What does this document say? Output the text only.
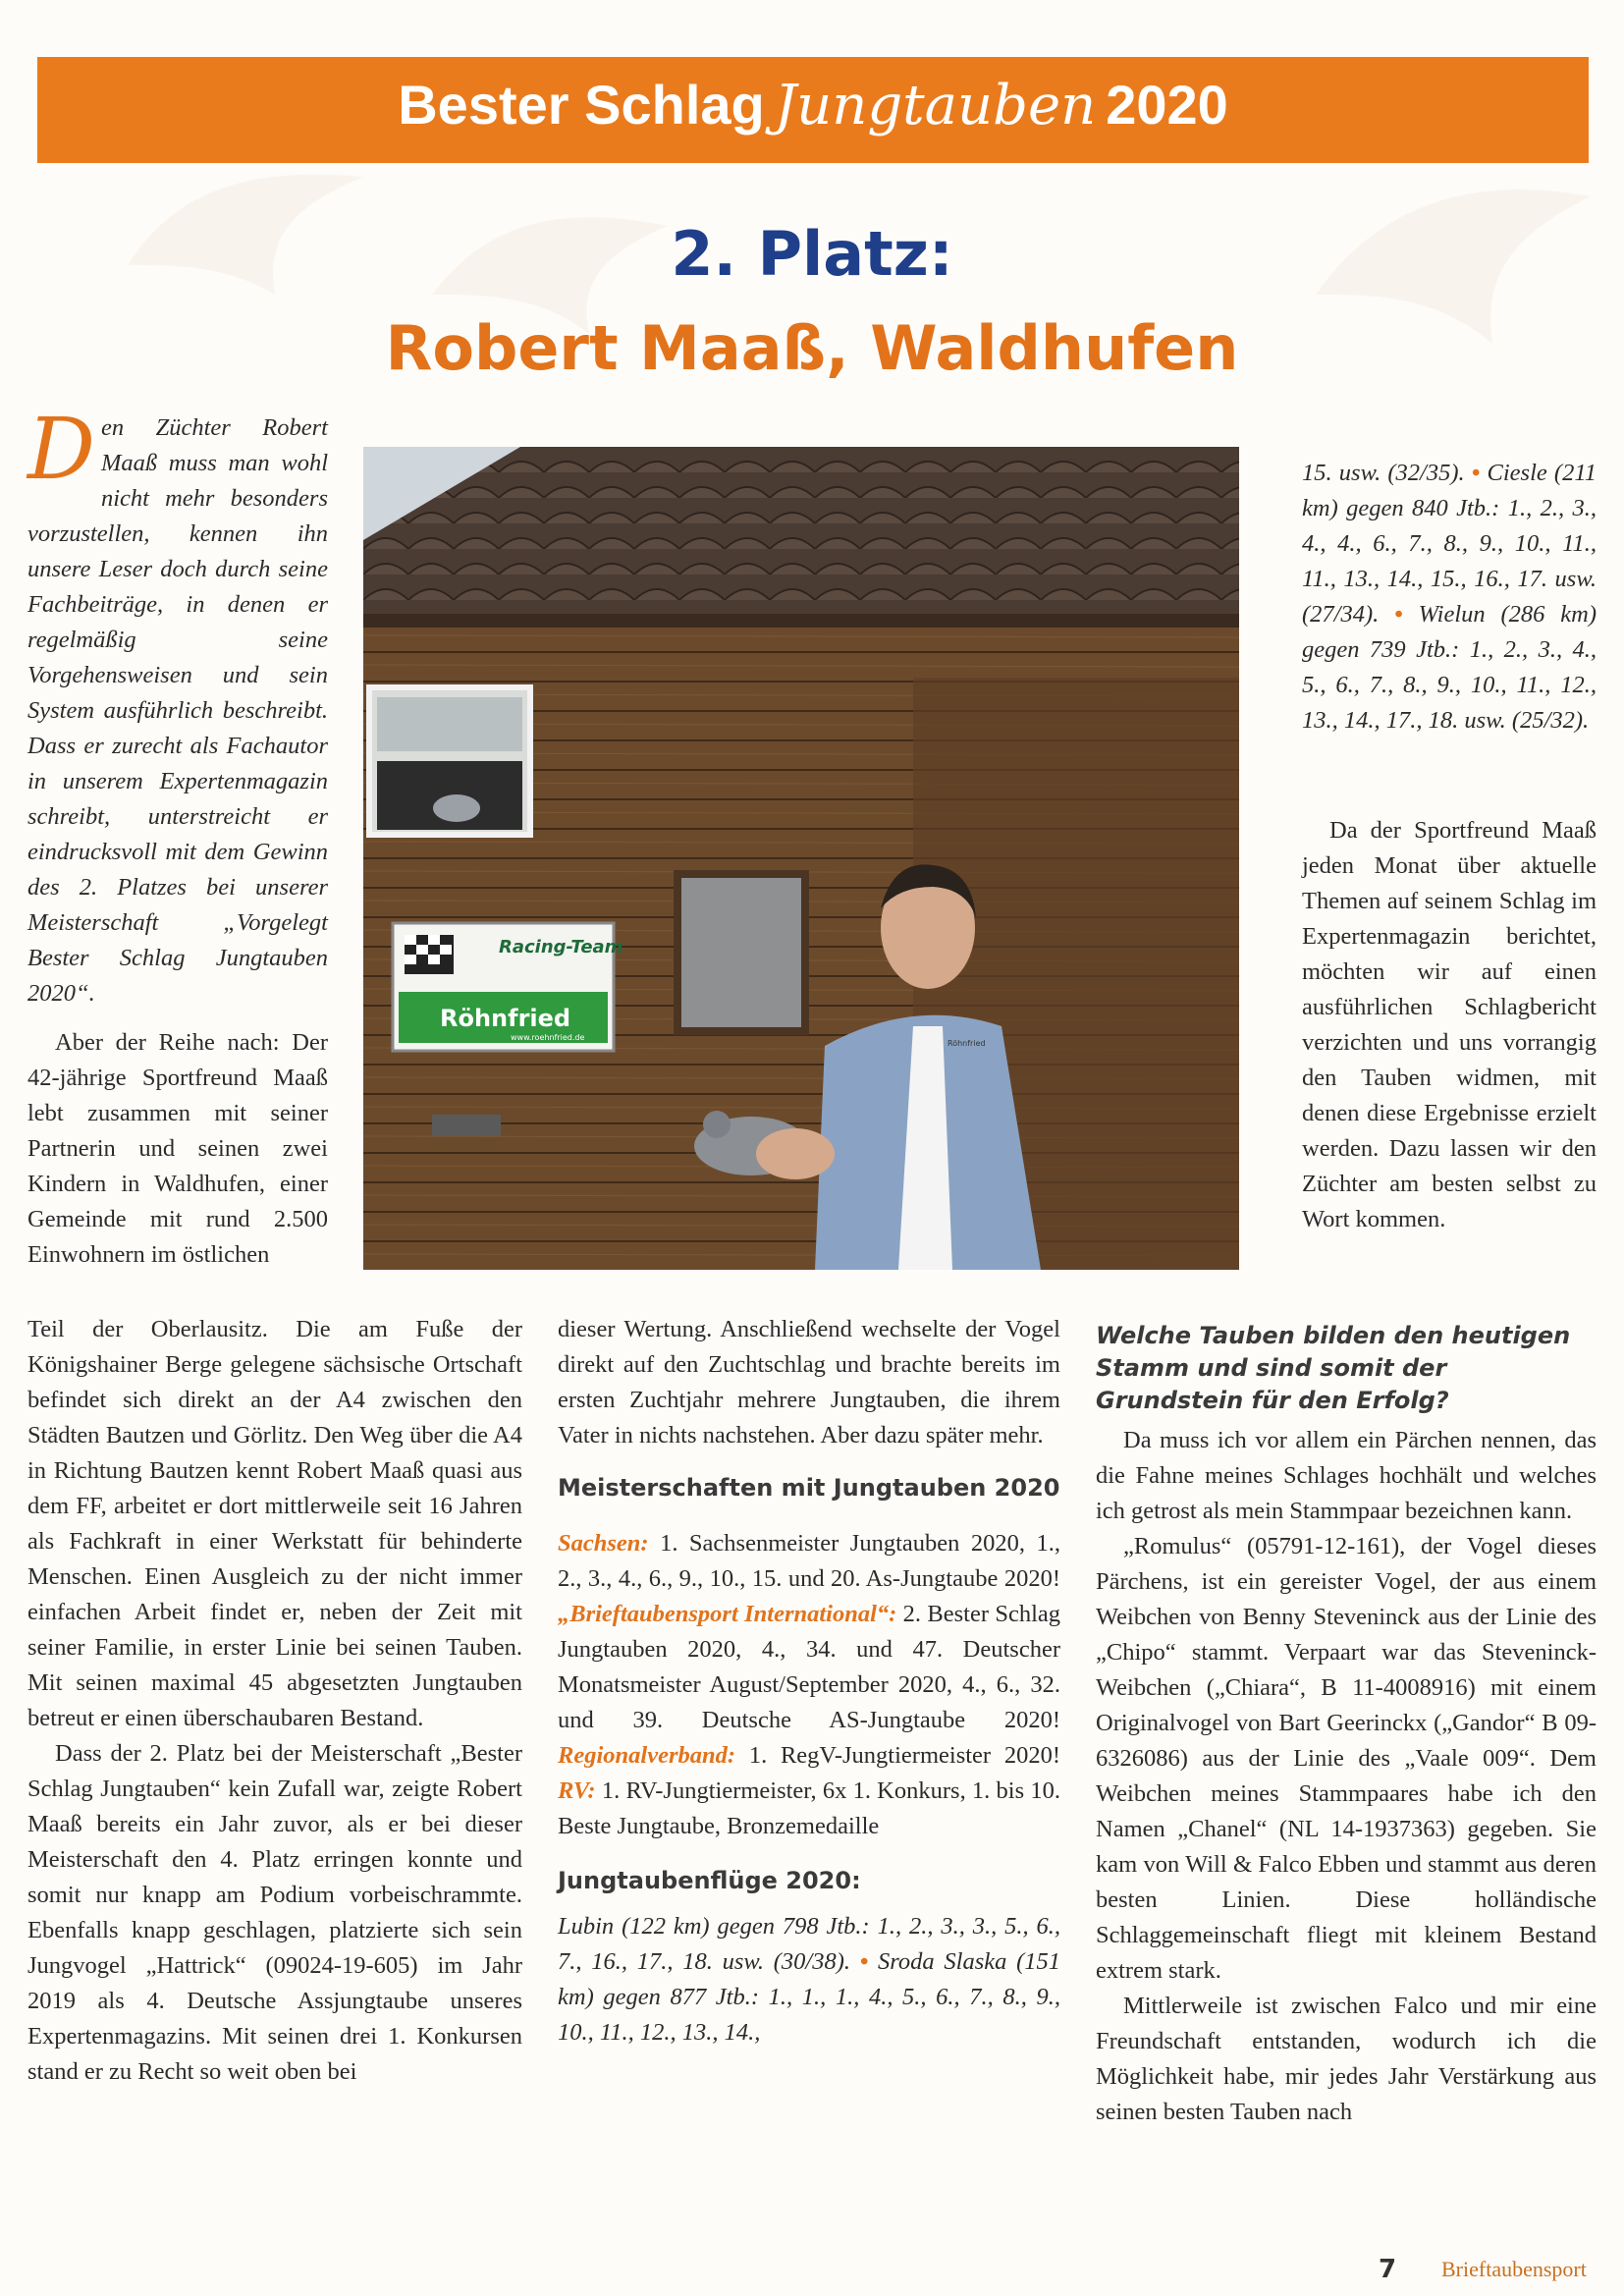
Bester Schlag Jungtauben 2020
2. Platz:
Robert Maaß, Waldhufen

Den Züchter Robert Maaß muss man wohl nicht mehr besonders vorzustellen, kennen ihn unsere Leser doch durch seine Fachbeiträge, in denen er regelmäßig seine Vorgehensweisen und sein System ausführlich beschreibt. Dass er zurecht als Fachautor in unserem Expertenmagazin schreibt, unterstreicht er eindrucksvoll mit dem Gewinn des 2. Platzes bei unserer Meisterschaft „Vorgelegt Bester Schlag Jungtauben 2020“.

Aber der Reihe nach: Der 42-jährige Sportfreund Maaß lebt zusammen mit seiner Partnerin und seinen zwei Kindern in Waldhufen, einer Gemeinde mit rund 2.500 Einwohnern im östlichen

Teil der Oberlausitz. Die am Fuße der Königshainer Berge gelegene sächsische Ortschaft befindet sich direkt an der A4 zwischen den Städten Bautzen und Görlitz. Den Weg über die A4 in Richtung Bautzen kennt Robert Maaß quasi aus dem FF, arbeitet er dort mittlerweile seit 16 Jahren als Fachkraft in einer Werkstatt für behinderte Menschen. Einen Ausgleich zu der nicht immer einfachen Arbeit findet er, neben der Zeit mit seiner Familie, in erster Linie bei seinen Tauben. Mit seinen maximal 45 abgesetzten Jungtauben betreut er einen überschaubaren Bestand.

Dass der 2. Platz bei der Meisterschaft „Bester Schlag Jungtauben“ kein Zufall war, zeigte Robert Maaß bereits ein Jahr zuvor, als er bei dieser Meisterschaft den 4. Platz erringen konnte und somit nur knapp am Podium vorbeischrammte. Ebenfalls knapp geschlagen, platzierte sich sein Jungvogel „Hattrick“ (09024-19-605) im Jahr 2019 als 4. Deutsche Assjungtaube unseres Expertenmagazins. Mit seinen drei 1. Konkursen stand er zu Recht so weit oben bei

Racing-Team
Röhnfried
www.roehnfried.de
Röhnfried

dieser Wertung. Anschließend wechselte der Vogel direkt auf den Zuchtschlag und brachte bereits im ersten Zuchtjahr mehrere Jungtauben, die ihrem Vater in nichts nachstehen. Aber dazu später mehr.

Meisterschaften mit Jungtauben 2020

Sachsen: 1. Sachsenmeister Jungtauben 2020, 1., 2., 3., 4., 6., 9., 10., 15. und 20. As-Jungtaube 2020! „Brieftaubensport International“: 2. Bester Schlag Jungtauben 2020, 4., 34. und 47. Deutscher Monatsmeister August/September 2020, 4., 6., 32. und 39. Deutsche AS-Jungtaube 2020! Regionalverband: 1. RegV-Jungtiermeister 2020! RV: 1. RV-Jungtiermeister, 6x 1. Konkurs, 1. bis 10. Beste Jungtaube, Bronzemedaille

Jungtaubenflüge 2020:

Lubin (122 km) gegen 798 Jtb.: 1., 2., 3., 3., 5., 6., 7., 16., 17., 18. usw. (30/38). • Sroda Slaska (151 km) gegen 877 Jtb.: 1., 1., 1., 4., 5., 6., 7., 8., 9., 10., 11., 12., 13., 14.,

15. usw. (32/35). • Ciesle (211 km) gegen 840 Jtb.: 1., 2., 3., 4., 4., 6., 7., 8., 9., 10., 11., 11., 13., 14., 15., 16., 17. usw. (27/34). • Wielun (286 km) gegen 739 Jtb.: 1., 2., 3., 4., 5., 6., 7., 8., 9., 10., 11., 12., 13., 14., 17., 18. usw. (25/32).

Da der Sportfreund Maaß jeden Monat über aktuelle Themen auf seinem Schlag im Expertenmagazin berichtet, möchten wir auf einen ausführlichen Schlagbericht verzichten und uns vorrangig den Tauben widmen, mit denen diese Ergebnisse erzielt werden. Dazu lassen wir den Züchter am besten selbst zu Wort kommen.

Welche Tauben bilden den heutigen Stamm und sind somit der Grundstein für den Erfolg?

Da muss ich vor allem ein Pärchen nennen, das die Fahne meines Schlages hochhält und welches ich getrost als mein Stammpaar bezeichnen kann.

„Romulus“ (05791-12-161), der Vogel dieses Pärchens, ist ein gereister Vogel, der aus einem Weibchen von Benny Steveninck aus der Linie des „Chipo“ stammt. Verpaart war das Steveninck-Weibchen („Chiara“, B 11-4008916) mit einem Originalvogel von Bart Geerinckx („Gandor“ B 09-6326086) aus der Linie des „Vaale 009“. Dem Weibchen meines Stammpaares habe ich den Namen „Chanel“ (NL 14-1937363) gegeben. Sie kam von Will & Falco Ebben und stammt aus deren besten Linien. Diese holländische Schlaggemeinschaft fliegt mit kleinem Bestand extrem stark.

Mittlerweile ist zwischen Falco und mir eine Freundschaft entstanden, wodurch ich die Möglichkeit habe, mir jedes Jahr Verstärkung aus seinen besten Tauben nach

7 Brieftaubensport
